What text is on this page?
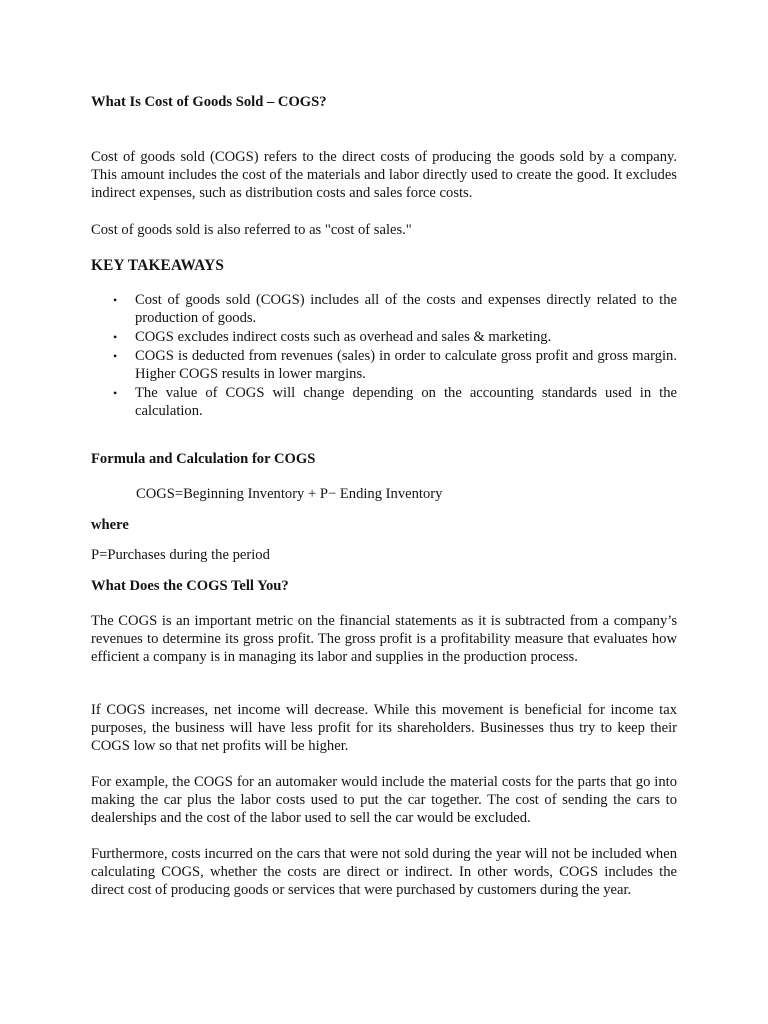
What Is Cost of Goods Sold – COGS?

Cost of goods sold (COGS) refers to the direct costs of producing the goods sold by a company. This amount includes the cost of the materials and labor directly used to create the good. It excludes indirect expenses, such as distribution costs and sales force costs.

Cost of goods sold is also referred to as "cost of sales."

KEY TAKEAWAYS

• Cost of goods sold (COGS) includes all of the costs and expenses directly related to the production of goods.

• COGS excludes indirect costs such as overhead and sales & marketing.

• COGS is deducted from revenues (sales) in order to calculate gross profit and gross margin. Higher COGS results in lower margins.

• The value of COGS will change depending on the accounting standards used in the calculation.

Formula and Calculation for COGS

COGS=Beginning Inventory + P− Ending Inventory

where

P=Purchases during the period

What Does the COGS Tell You?

The COGS is an important metric on the financial statements as it is subtracted from a company’s revenues to determine its gross profit. The gross profit is a profitability measure that evaluates how efficient a company is in managing its labor and supplies in the production process.

If COGS increases, net income will decrease. While this movement is beneficial for income tax purposes, the business will have less profit for its shareholders. Businesses thus try to keep their COGS low so that net profits will be higher.

For example, the COGS for an automaker would include the material costs for the parts that go into making the car plus the labor costs used to put the car together. The cost of sending the cars to dealerships and the cost of the labor used to sell the car would be excluded.

Furthermore, costs incurred on the cars that were not sold during the year will not be included when calculating COGS, whether the costs are direct or indirect. In other words, COGS includes the direct cost of producing goods or services that were purchased by customers during the year.
